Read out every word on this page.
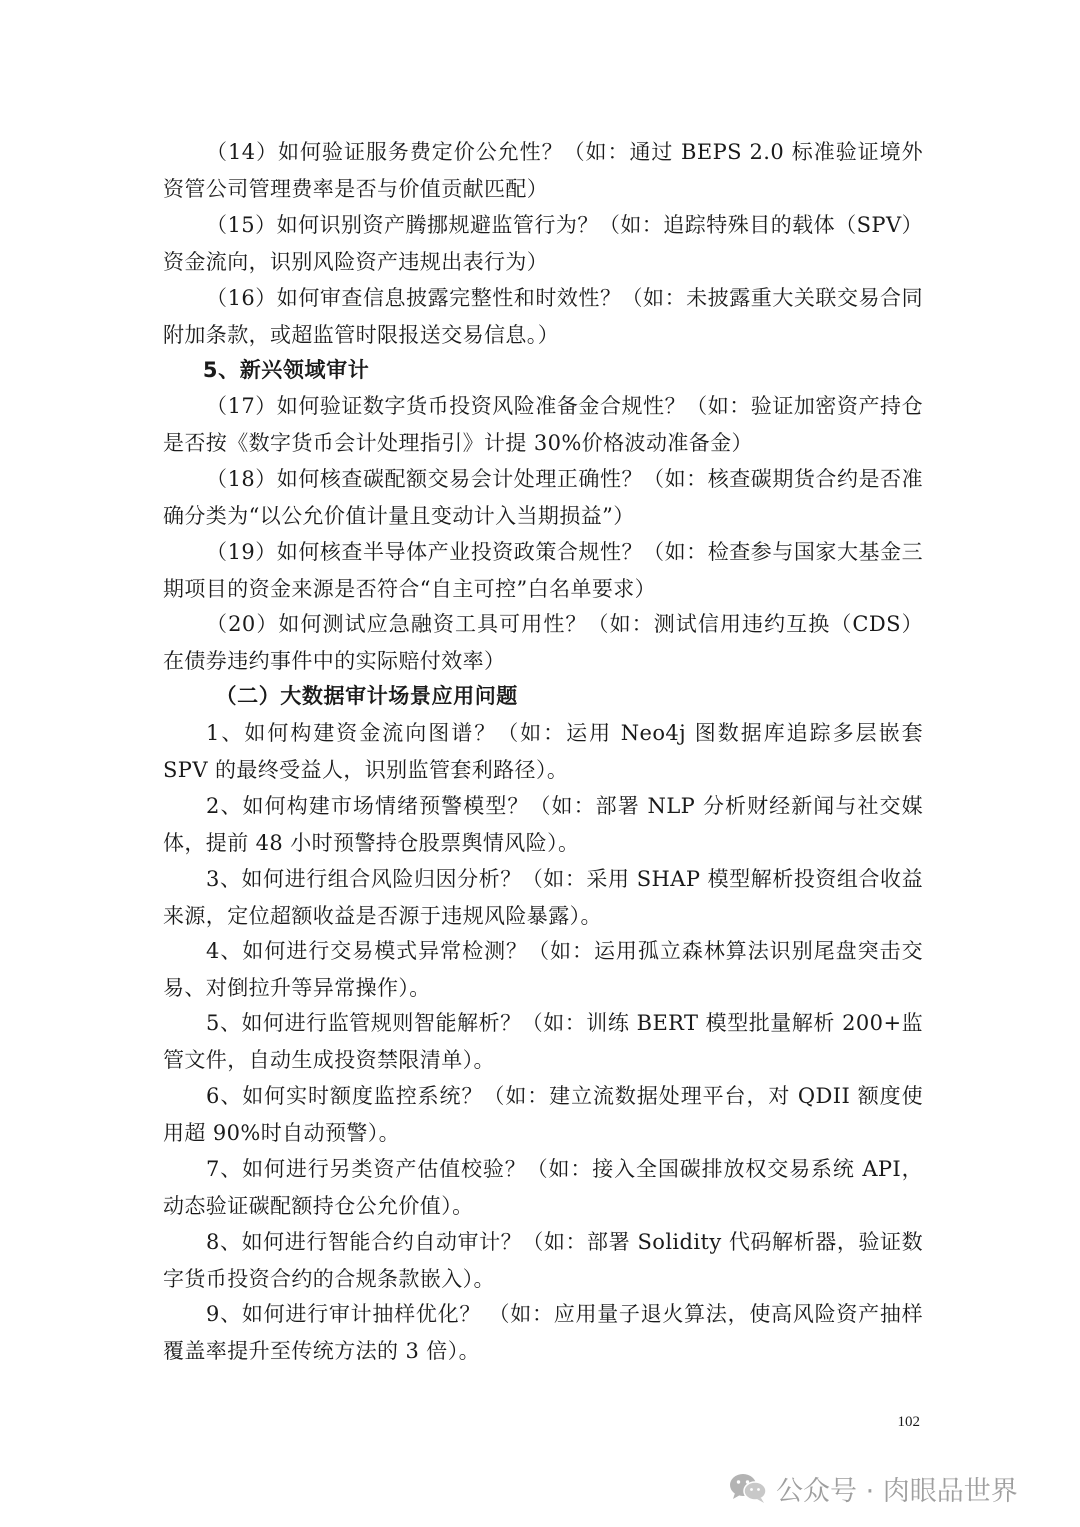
（14）如何验证服务费定价公允性？（如：通过 BEPS 2.0 标准验证境外资管公司管理费率是否与价值贡献匹配）

（15）如何识别资产腾挪规避监管行为？（如：追踪特殊目的载体（SPV）资金流向，识别风险资产违规出表行为）

（16）如何审查信息披露完整性和时效性？（如：未披露重大关联交易合同附加条款，或超监管时限报送交易信息。）

5、新兴领域审计

（17）如何验证数字货币投资风险准备金合规性？（如：验证加密资产持仓是否按《数字货币会计处理指引》计提 30%价格波动准备金）

（18）如何核查碳配额交易会计处理正确性？（如：核查碳期货合约是否准确分类为“以公允价值计量且变动计入当期损益”）

（19）如何核查半导体产业投资政策合规性？（如：检查参与国家大基金三期项目的资金来源是否符合“自主可控”白名单要求）

（20）如何测试应急融资工具可用性？（如：测试信用违约互换（CDS）在债券违约事件中的实际赔付效率）

（二）大数据审计场景应用问题

1、如何构建资金流向图谱？（如：运用 Neo4j 图数据库追踪多层嵌套 SPV 的最终受益人，识别监管套利路径）。

2、如何构建市场情绪预警模型？（如：部署 NLP 分析财经新闻与社交媒体，提前 48 小时预警持仓股票舆情风险）。

3、如何进行组合风险归因分析？（如：采用 SHAP 模型解析投资组合收益来源，定位超额收益是否源于违规风险暴露）。

4、如何进行交易模式异常检测？（如：运用孤立森林算法识别尾盘突击交易、对倒拉升等异常操作）。

5、如何进行监管规则智能解析？（如：训练 BERT 模型批量解析 200+监管文件，自动生成投资禁限清单）。

6、如何实时额度监控系统？（如：建立流数据处理平台，对 QDII 额度使用超 90%时自动预警）。

7、如何进行另类资产估值校验？（如：接入全国碳排放权交易系统 API，动态验证碳配额持仓公允价值）。

8、如何进行智能合约自动审计？（如：部署 Solidity 代码解析器，验证数字货币投资合约的合规条款嵌入）。

9、如何进行审计抽样优化？ （如：应用量子退火算法，使高风险资产抽样覆盖率提升至传统方法的 3 倍）。

102
公众号 · 肉眼品世界
